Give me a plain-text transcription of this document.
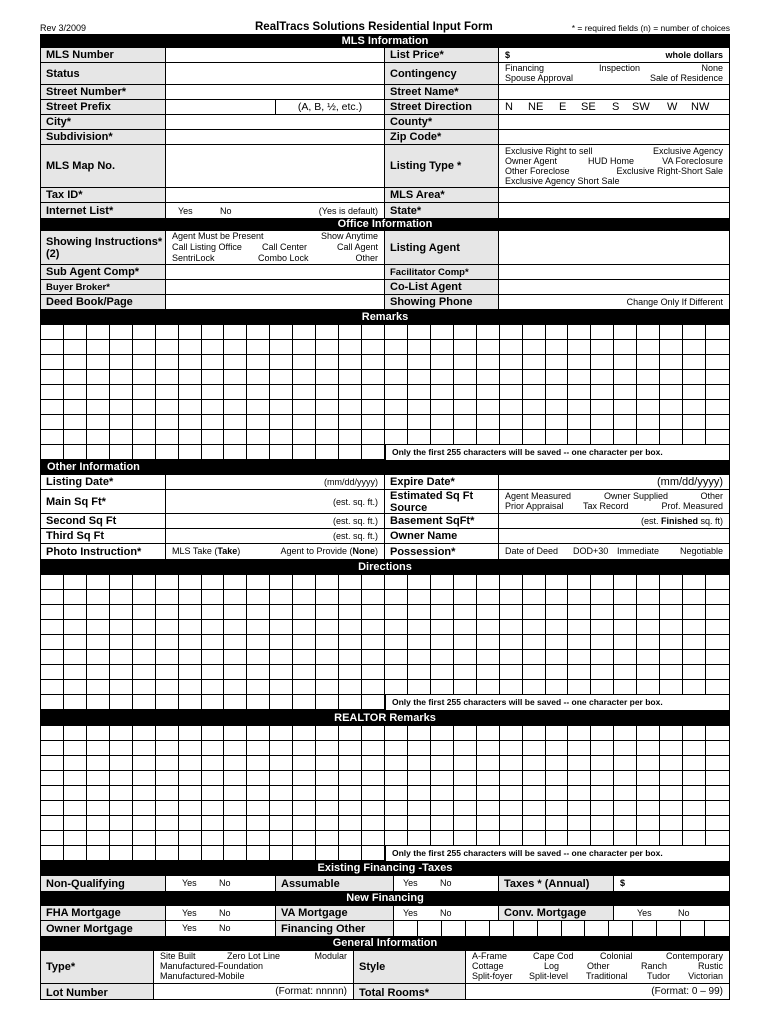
Rev 3/2009	RealTracs Solutions Residential Input Form	* = required fields (n) = number of choices
MLS Information
MLS Number	List Price*	$	whole dollars
Status	Contingency	Financing	Inspection	None
Spouse Approval	Sale of Residence
Street Number*	Street Name*
Street Prefix	(A, B, ½, etc.)	Street Direction	N NE E SE S SW W NW
City*	County*
Subdivision*	Zip Code*
MLS Map No.	Listing Type *
Exclusive Right to sell	Exclusive Agency
Owner Agent	HUD Home	VA Foreclosure
Other Foreclose	Exclusive Right-Short Sale
Exclusive Agency Short Sale
Tax ID*	MLS Area*
Internet List*	Yes	No	(Yes is default)	State*
Office Information
Showing Instructions* (2)
Agent Must be Present	Show Anytime
Call Listing Office Call Center	Call Agent
SentriLock	Combo Lock	Other
Listing Agent
Sub Agent Comp*	Facilitator Comp*
Buyer Broker*	Co-List Agent
Deed Book/Page	Showing Phone	Change Only If Different
Remarks
Only the first 255 characters will be saved -- one character per box.
Other Information
Listing Date*	(mm/dd/yyyy)	Expire Date*	(mm/dd/yyyy)
Main Sq Ft*	(est. sq. ft.)
Estimated Sq Ft Source
Agent Measured	Owner Supplied	Other
Prior Appraisal Tax Record	Prof. Measured
Second Sq Ft	(est. sq. ft.)	Basement SqFt*	(est. Finished sq. ft)
Third Sq Ft	(est. sq. ft.)	Owner Name
Photo Instruction*	MLS Take (Take)	Agent to Provide (None)	Possession*	Date of Deed DOD+30 Immediate Negotiable
Directions
Only the first 255 characters will be saved -- one character per box.
REALTOR Remarks
Only the first 255 characters will be saved -- one character per box.
Existing Financing -Taxes
Non-Qualifying	Yes No	Assumable	Yes No	Taxes * (Annual)	$
New Financing
FHA Mortgage	Yes No	VA Mortgage	Yes No	Conv. Mortgage	Yes	No
Owner Mortgage	Yes No	Financing Other
General Information
Type*
Site Built	Zero Lot Line	Modular
Manufactured-Foundation
Manufactured-Mobile
Style
A-Frame	Cape Cod	Colonial	Contemporary
Cottage	Log	Other	Ranch	Rustic
Split-foyer Split-level Traditional Tudor Victorian
Lot Number	(Format: nnnnn)	Total Rooms*	(Format: 0 – 99)
